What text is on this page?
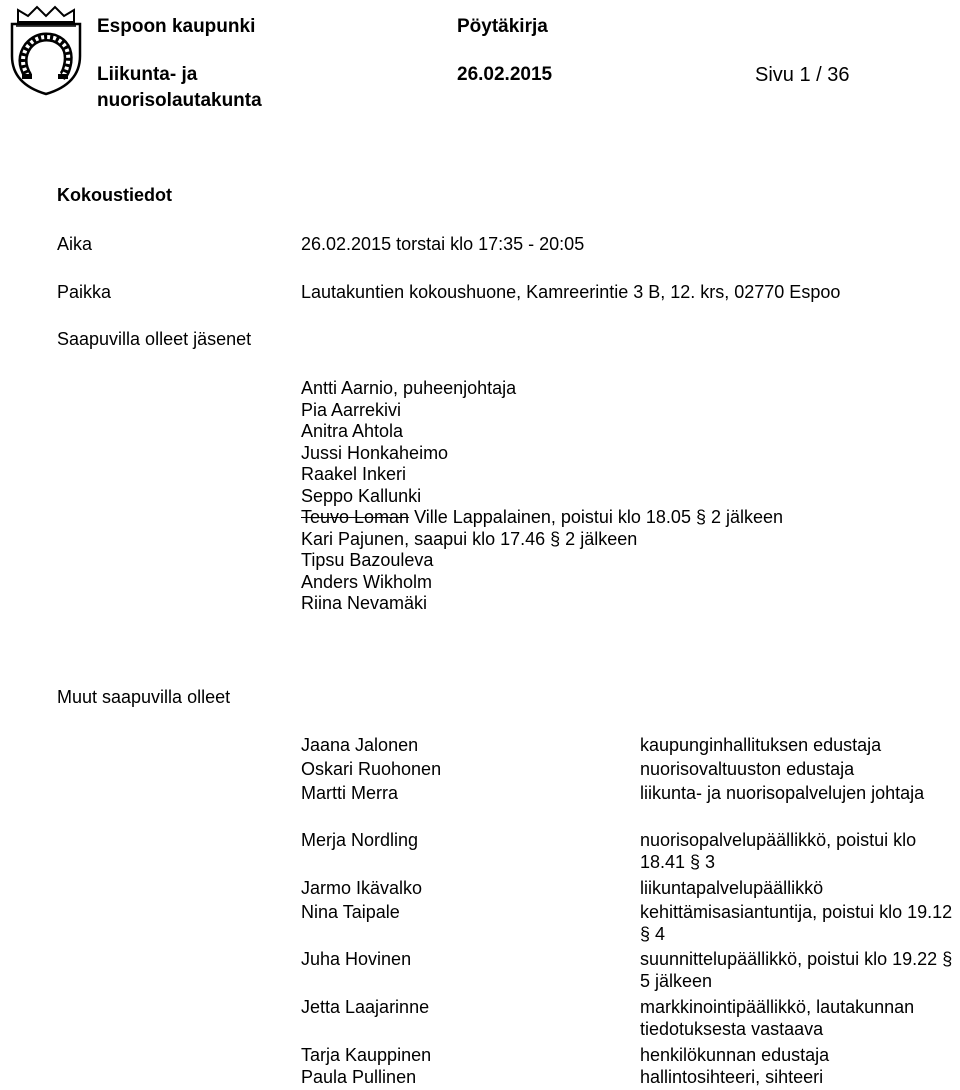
Espoon kaupunki	Pöytäkirja
Liikunta- ja
nuorisolautakunta
26.02.2015	Sivu 1 / 36
Kokoustiedot
Aika	26.02.2015 torstai klo 17:35 - 20:05
Paikka	Lautakuntien kokoushuone, Kamreerintie 3 B, 12. krs, 02770 Espoo
Saapuvilla olleet jäsenet
Antti Aarnio, puheenjohtaja
Pia Aarrekivi
Anitra Ahtola
Jussi Honkaheimo
Raakel Inkeri
Seppo Kallunki
Teuvo Loman Ville Lappalainen, poistui klo 18.05 § 2 jälkeen
Kari Pajunen, saapui klo 17.46 § 2 jälkeen
Tipsu Bazouleva
Anders Wikholm
Riina Nevamäki
Muut saapuvilla olleet
Jaana Jalonen	kaupunginhallituksen edustaja
Oskari Ruohonen	nuorisovaltuuston edustaja
Martti Merra	liikunta- ja nuorisopalvelujen johtaja
Merja Nordling	nuorisopalvelupäällikkö, poistui klo 18.41 § 3
Jarmo Ikävalko	liikuntapalvelupäällikkö
Nina Taipale	kehittämisasiantuntija, poistui klo 19.12 § 4
Juha Hovinen	suunnittelupäällikkö, poistui klo 19.22 § 5 jälkeen
Jetta Laajarinne	markkinointipäällikkö, lautakunnan tiedotuksesta vastaava
Tarja Kauppinen	henkilökunnan edustaja
Paula Pullinen	hallintosihteeri, sihteeri
